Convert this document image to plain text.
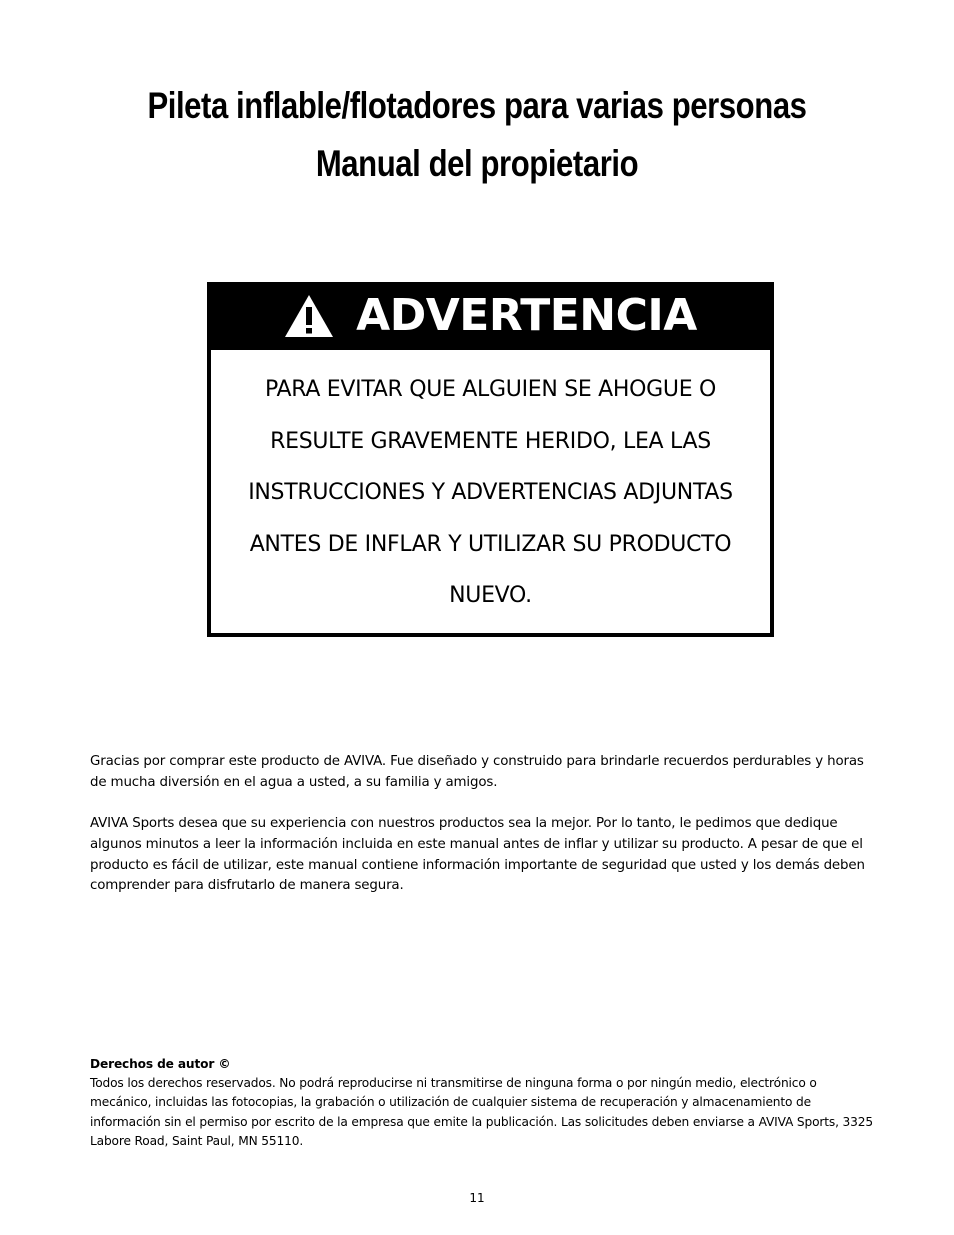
Pileta inflable/flotadores para varias personas
Manual del propietario
ADVERTENCIA

PARA EVITAR QUE ALGUIEN SE AHOGUE O RESULTE GRAVEMENTE HERIDO, LEA LAS INSTRUCCIONES Y ADVERTENCIAS ADJUNTAS ANTES DE INFLAR Y UTILIZAR SU PRODUCTO NUEVO.

Gracias por comprar este producto de AVIVA. Fue diseñado y construido para brindarle recuerdos perdurables y horas de mucha diversión en el agua a usted, a su familia y amigos.

AVIVA Sports desea que su experiencia con nuestros productos sea la mejor. Por lo tanto, le pedimos que dedique algunos minutos a leer la información incluida en este manual antes de inflar y utilizar su producto. A pesar de que el producto es fácil de utilizar, este manual contiene información importante de seguridad que usted y los demás deben comprender para disfrutarlo de manera segura.

Derechos de autor ©
Todos los derechos reservados. No podrá reproducirse ni transmitirse de ninguna forma o por ningún medio, electrónico o mecánico, incluidas las fotocopias, la grabación o utilización de cualquier sistema de recuperación y almacenamiento de información sin el permiso por escrito de la empresa que emite la publicación. Las solicitudes deben enviarse a AVIVA Sports, 3325 Labore Road, Saint Paul, MN 55110.
11
